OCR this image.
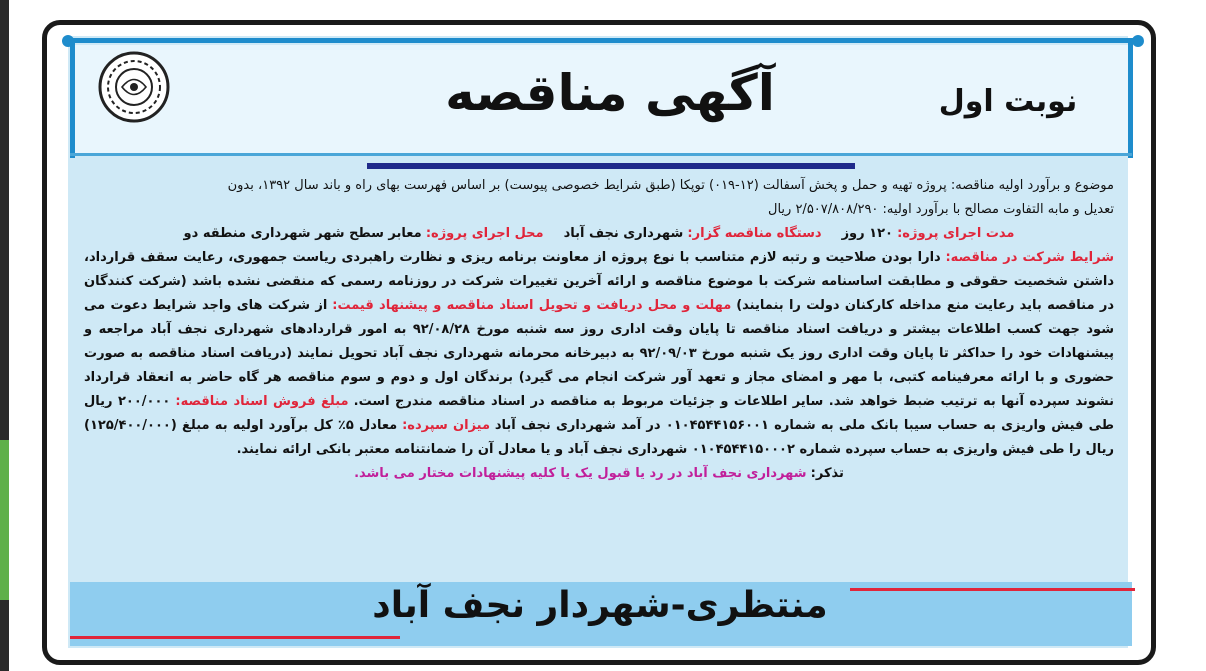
آگهی مناقصه	نوبت اول

موضوع و برآورد اولیه مناقصه: پروژه تهیه و حمل و پخش آسفالت (۱۲-۰۱۹) توپکا (طبق شرایط خصوصی پیوست) بر اساس فهرست بهای راه و باند سال ۱۳۹۲، بدون

تعدیل و مابه التفاوت مصالح با برآورد اولیه: ۲/۵۰۷/۸۰۸/۲۹۰ ریال

مدت اجرای پروژه: ۱۲۰ روز
دستگاه مناقصه گزار: شهرداری نجف آباد
محل اجرای پروژه: معابر سطح شهر شهرداری منطقه دو

شرایط شرکت در مناقصه: دارا بودن صلاحیت و رتبه لازم متناسب با نوع پروژه از معاونت برنامه ریزی و نظارت راهبردی ریاست جمهوری، رعایت سقف قرارداد، داشتن شخصیت حقوقی و مطابقت اساسنامه شرکت با موضوع مناقصه و ارائه آخرین تغییرات شرکت در روزنامه رسمی که منقضی نشده باشد (شرکت کنندگان در مناقصه باید رعایت منع مداخله کارکنان دولت را بنمایند) مهلت و محل دریافت و تحویل اسناد مناقصه و پیشنهاد قیمت: از شرکت های واجد شرایط دعوت می شود جهت کسب اطلاعات بیشتر و دریافت اسناد مناقصه تا پایان وقت اداری روز سه شنبه مورخ ۹۲/۰۸/۲۸ به امور قراردادهای شهرداری نجف آباد مراجعه و پیشنهادات خود را حداکثر تا پایان وقت اداری روز یک شنبه مورخ ۹۲/۰۹/۰۳ به دبیرخانه محرمانه شهرداری نجف آباد تحویل نمایند (دریافت اسناد مناقصه به صورت حضوری و با ارائه معرفینامه کتبی، با مهر و امضای مجاز و تعهد آور شرکت انجام می گیرد) برندگان اول و دوم و سوم مناقصه هر گاه حاضر به انعقاد قرارداد نشوند سپرده آنها به ترتیب ضبط خواهد شد. سایر اطلاعات و جزئیات مربوط به مناقصه در اسناد مناقصه مندرج است. مبلغ فروش اسناد مناقصه: ۲۰۰/۰۰۰ ریال طی فیش واریزی به حساب سیبا بانک ملی به شماره ۰۱۰۴۵۴۴۱۵۶۰۰۱ در آمد شهرداری نجف آباد میزان سپرده: معادل ۵٪ کل برآورد اولیه به مبلغ (۱۲۵/۴۰۰/۰۰۰) ریال را طی فیش واریزی به حساب سپرده شماره ۰۱۰۴۵۴۴۱۵۰۰۰۲ شهرداری نجف آباد و یا معادل آن را ضمانتنامه معتبر بانکی ارائه نمایند.

تذکر: شهرداری نجف آباد در رد یا قبول یک یا کلیه پیشنهادات مختار می باشد.

منتظری-شهردار نجف آباد
